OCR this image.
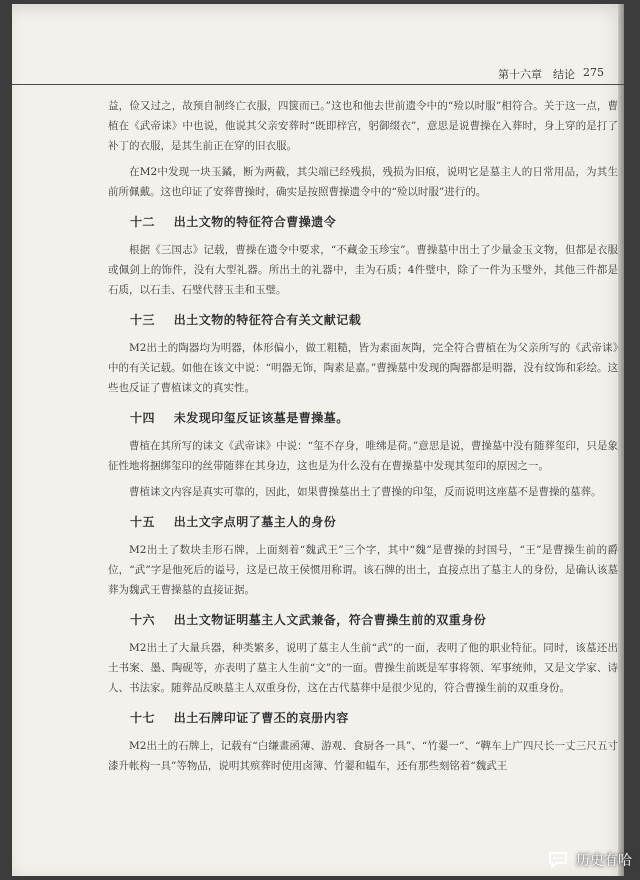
第十六章　结论 275

益，俭又过之，故预自制终亡衣服，四箧而已。”这也和他去世前遗令中的“殓以时服”相符合。关于这一点，曹植在《武帝诔》中也说，他说其父亲安葬时“既即梓宫，躬御缀衣”，意思是说曹操在入葬时，身上穿的是打了补丁的衣服，是其生前正在穿的旧衣服。

在M2中发现一块玉鐍，断为两截，其尖端已经残损，残损为旧痕，说明它是墓主人的日常用品，为其生前所佩戴。这也印证了安葬曹操时，确实是按照曹操遗令中的“殓以时服”进行的。

十二 出土文物的特征符合曹操遗令

根据《三国志》记载，曹操在遗令中要求，“不藏金玉珍宝”。曹操墓中出土了少量金玉文物，但都是衣服或佩剑上的饰件，没有大型礼器。所出土的礼器中，圭为石质；4件璧中，除了一件为玉璧外，其他三件都是石质，以石圭、石璧代替玉圭和玉璧。

十三 出土文物的特征符合有关文献记载

M2出土的陶器均为明器，体形偏小，做工粗糙，皆为素面灰陶，完全符合曹植在为父亲所写的《武帝诔》中的有关记载。如他在该文中说：“明器无饰，陶素是嘉。”曹操墓中发现的陶器都是明器，没有纹饰和彩绘。这些也反证了曹植诔文的真实性。

十四 未发现印玺反证该墓是曹操墓。

曹植在其所写的诔文《武帝诔》中说：“玺不存身，唯绋是荷。”意思是说，曹操墓中没有随葬玺印，只是象征性地将捆绑玺印的丝带随葬在其身边，这也是为什么没有在曹操墓中发现其玺印的原因之一。

曹植诔文内容是真实可靠的，因此，如果曹操墓出土了曹操的印玺，反而说明这座墓不是曹操的墓葬。

十五 出土文字点明了墓主人的身份

M2出土了数块圭形石牌，上面刻着“魏武王”三个字，其中“魏”是曹操的封国号，“王”是曹操生前的爵位，“武”字是他死后的谥号，这是已故王侯惯用称谓。该石牌的出土，直接点出了墓主人的身份，是确认该墓葬为魏武王曹操墓的直接证据。

十六 出土文物证明墓主人文武兼备，符合曹操生前的双重身份

M2出土了大量兵器，种类繁多，说明了墓主人生前“武”的一面，表明了他的职业特征。同时，该墓还出土书案、墨、陶砚等，亦表明了墓主人生前“文”的一面。曹操生前既是军事将领、军事统帅，又是文学家、诗人、书法家。随葬品反映墓主人双重身份，这在古代墓葬中是很少见的，符合曹操生前的双重身份。

十七 出土石牌印证了曹丕的哀册内容

M2出土的石牌上，记载有“白缣畫函薄、游观、食厨各一具”、“竹翣一”、“鞞车上广四尺长一丈三尺五寸漆升帐构一具”等物品，说明其殡葬时使用卤簿、竹翣和辒车，还有那些刻铭着“魏武王

历史有哈
